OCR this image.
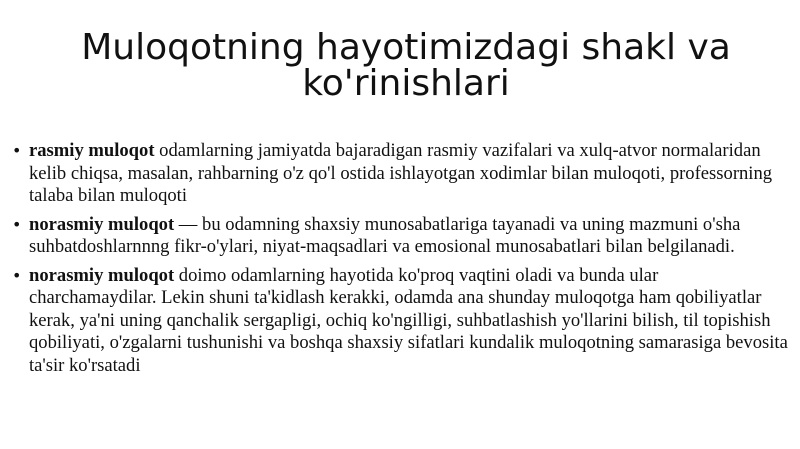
Muloqotning hayotimizdagi shakl va ko'rinishlari
• rasmiy muloqot odamlarning jamiyatda bajaradigan rasmiy vazifalari va xulq-atvor normalaridan kelib chiqsa, masalan, rahbarning o'z qo'l ostida ishlayotgan xodimlar bilan muloqoti, professorning talaba bilan muloqoti
• norasmiy muloqot — bu odamning shaxsiy munosabatlariga tayanadi va uning mazmuni o'sha suhbatdoshlarnnng fikr-o'ylari, niyat-maqsadlari va emosional munosabatlari bilan belgilanadi.
• norasmiy muloqot doimo odamlarning hayotida ko'proq vaqtini oladi va bunda ular charchamaydilar. Lekin shuni ta'kidlash kerakki, odamda ana shunday muloqotga ham qobiliyatlar kerak, ya'ni uning qanchalik sergapligi, ochiq ko'ngilligi, suhbatlashish yo'llarini bilish, til topishish qobiliyati, o'zgalarni tushunishi va boshqa shaxsiy sifatlari kundalik muloqotning samarasiga bevosita ta'sir ko'rsatadi
